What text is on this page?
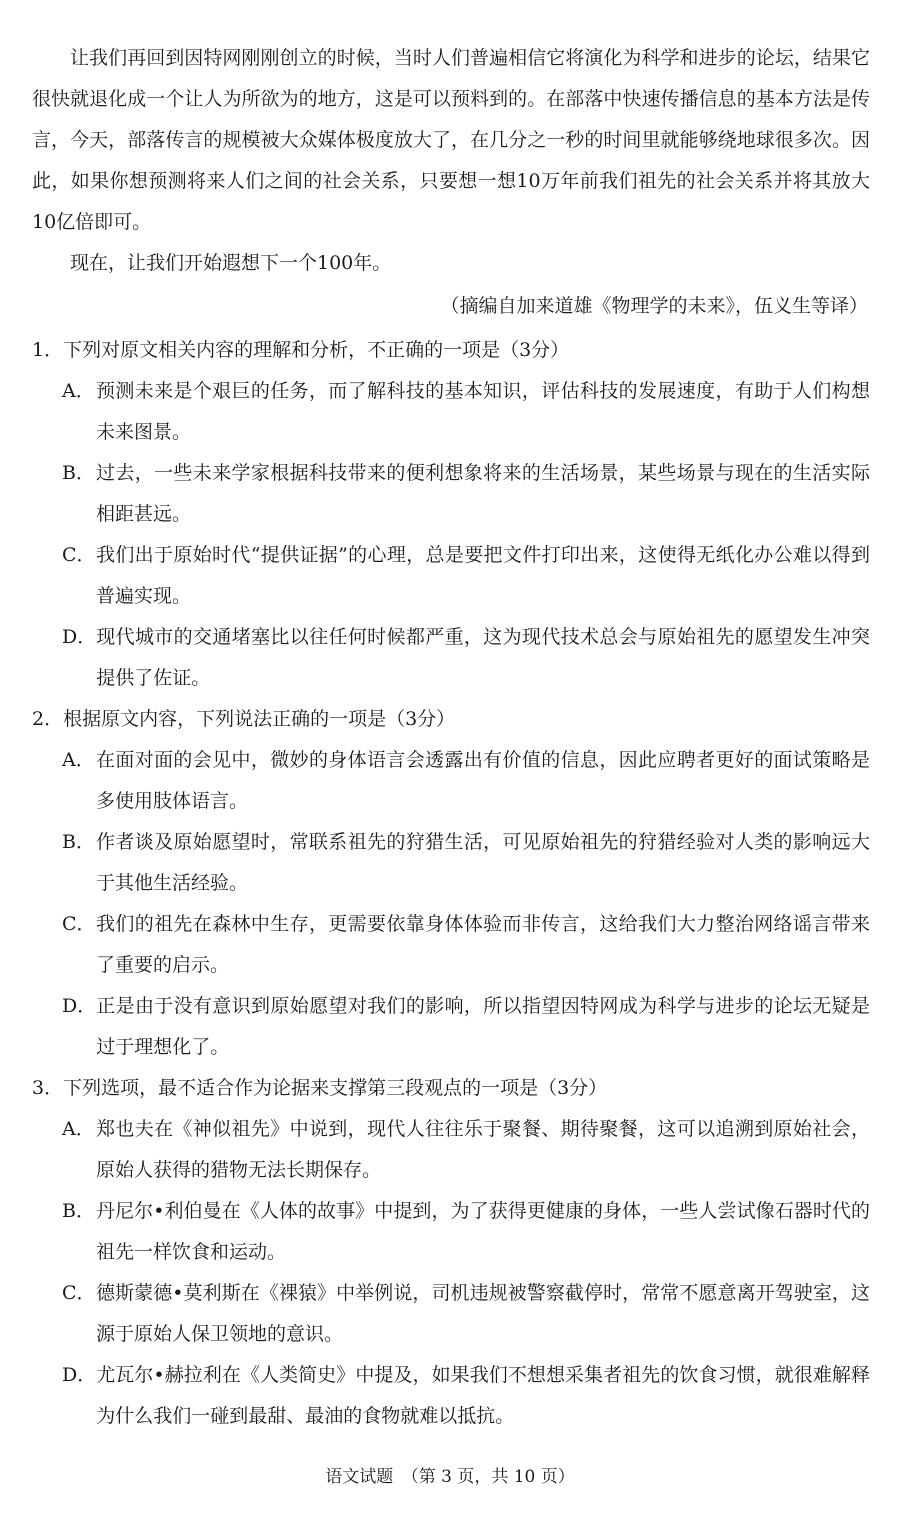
让我们再回到因特网刚刚创立的时候，当时人们普遍相信它将演化为科学和进步的论坛，结果它很快就退化成一个让人为所欲为的地方，这是可以预料到的。在部落中快速传播信息的基本方法是传言，今天，部落传言的规模被大众媒体极度放大了，在几分之一秒的时间里就能够绕地球很多次。因此，如果你想预测将来人们之间的社会关系，只要想一想10万年前我们祖先的社会关系并将其放大10亿倍即可。

现在，让我们开始遐想下一个100年。

（摘编自加来道雄《物理学的未来》，伍义生等译）

1．下列对原文相关内容的理解和分析，不正确的一项是（3分）

A． 预测未来是个艰巨的任务，而了解科技的基本知识，评估科技的发展速度，有助于人们构想未来图景。
B． 过去，一些未来学家根据科技带来的便利想象将来的生活场景，某些场景与现在的生活实际相距甚远。
C． 我们出于原始时代“提供证据”的心理，总是要把文件打印出来，这使得无纸化办公难以得到普遍实现。
D． 现代城市的交通堵塞比以往任何时候都严重，这为现代技术总会与原始祖先的愿望发生冲突提供了佐证。

2．根据原文内容，下列说法正确的一项是（3分）

A． 在面对面的会见中，微妙的身体语言会透露出有价值的信息，因此应聘者更好的面试策略是多使用肢体语言。
B． 作者谈及原始愿望时，常联系祖先的狩猎生活，可见原始祖先的狩猎经验对人类的影响远大于其他生活经验。
C． 我们的祖先在森林中生存，更需要依靠身体体验而非传言，这给我们大力整治网络谣言带来了重要的启示。
D． 正是由于没有意识到原始愿望对我们的影响，所以指望因特网成为科学与进步的论坛无疑是过于理想化了。

3．下列选项，最不适合作为论据来支撑第三段观点的一项是（3分）

A． 郑也夫在《神似祖先》中说到，现代人往往乐于聚餐、期待聚餐，这可以追溯到原始社会，原始人获得的猎物无法长期保存。
B． 丹尼尔•利伯曼在《人体的故事》中提到，为了获得更健康的身体，一些人尝试像石器时代的祖先一样饮食和运动。
C． 德斯蒙德•莫利斯在《裸猿》中举例说，司机违规被警察截停时，常常不愿意离开驾驶室，这源于原始人保卫领地的意识。
D． 尤瓦尔•赫拉利在《人类简史》中提及，如果我们不想想采集者祖先的饮食习惯，就很难解释为什么我们一碰到最甜、最油的食物就难以抵抗。
语文试题　（第 3 页，共 10 页）
